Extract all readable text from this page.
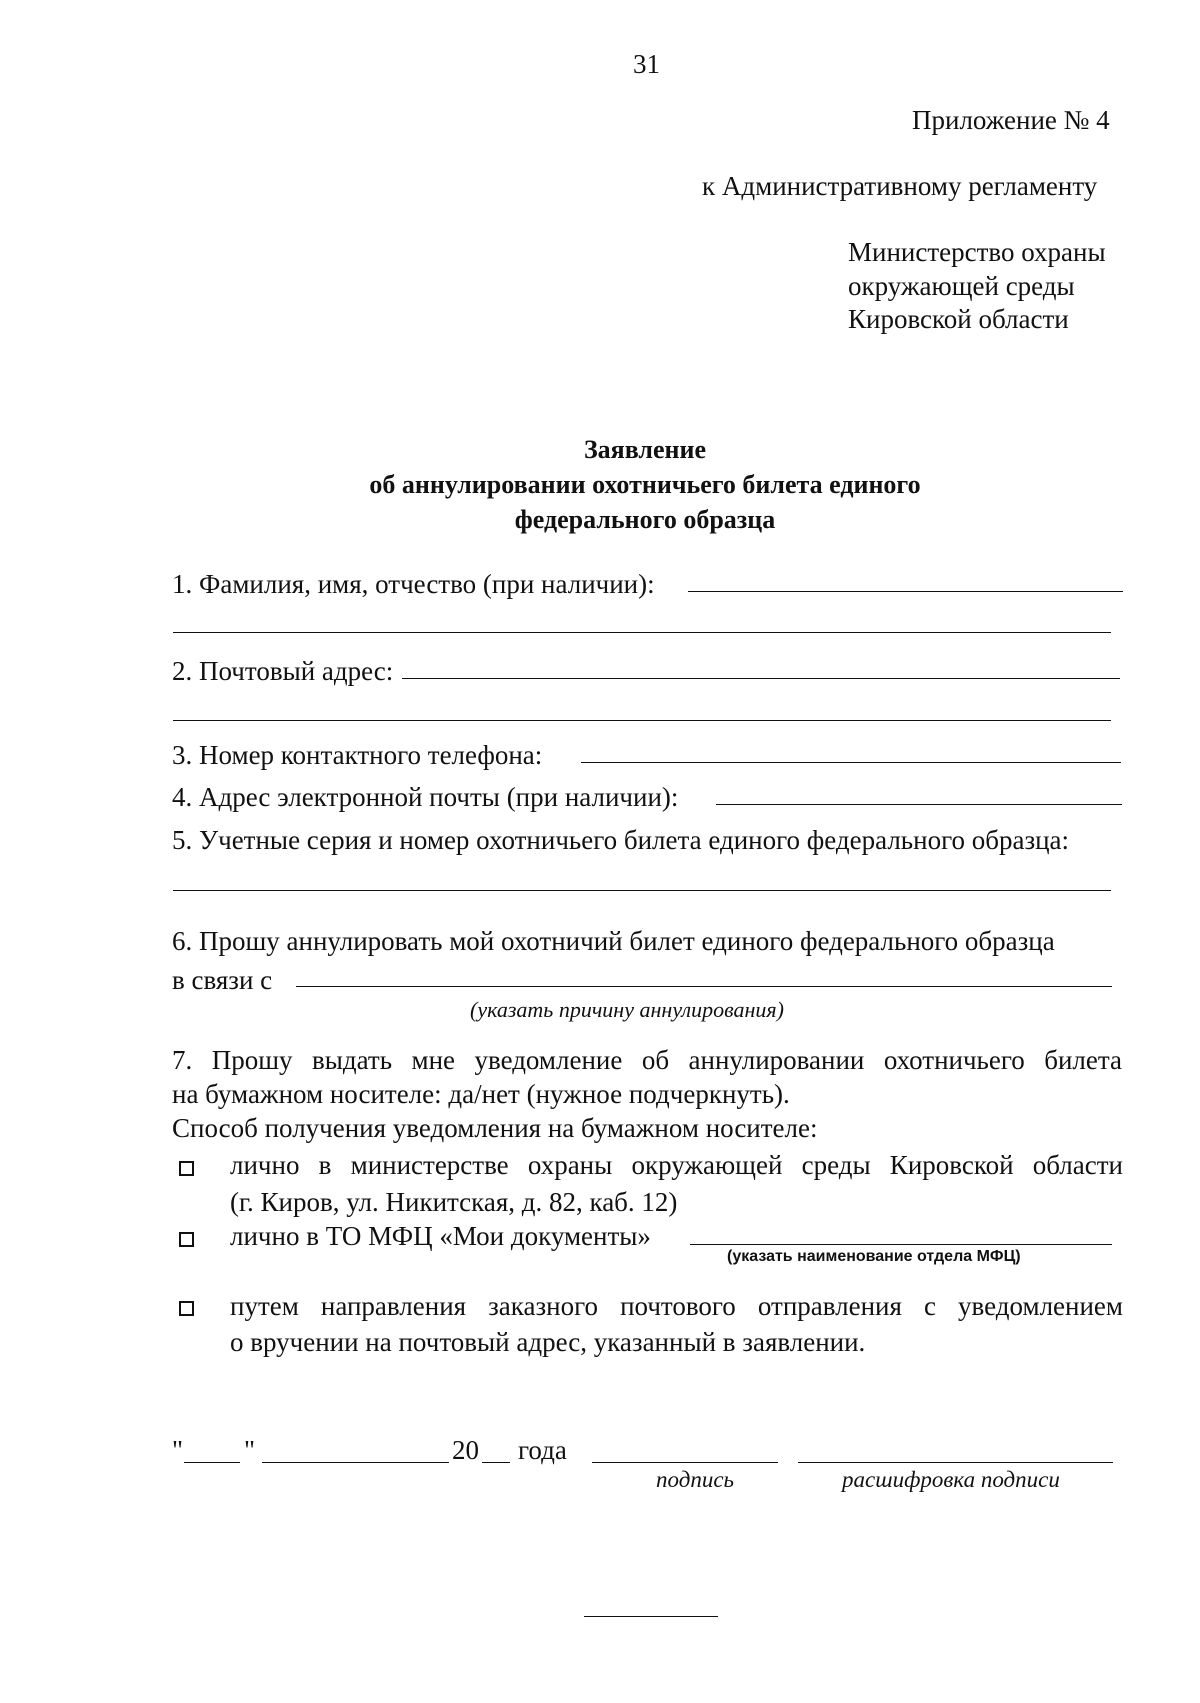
31
Приложение № 4
к Административному регламенту
Министерство охраны
окружающей среды
Кировской области
Заявление
об аннулировании охотничьего билета единого
федерального образца
1. Фамилия, имя, отчество (при наличии):
2. Почтовый адрес:
3. Номер контактного телефона:
4. Адрес электронной почты (при наличии):
5. Учетные серия и номер охотничьего билета единого федерального образца:
6. Прошу аннулировать мой охотничий билет единого федерального образца
в связи с
(указать причину аннулирования)
7. Прошу выдать мне уведомление об аннулировании охотничьего билета
на бумажном носителе: да/нет (нужное подчеркнуть).
Способ получения уведомления на бумажном носителе:
лично в министерстве охраны окружающей среды Кировской области
(г. Киров, ул. Никитская, д. 82, каб. 12)
лично в ТО МФЦ «Мои документы»
(указать наименование отдела МФЦ)
путем направления заказного почтового отправления с уведомлением
о вручении на почтовый адрес, указанный в заявлении.
" "	20 года
подпись	расшифровка подписи
